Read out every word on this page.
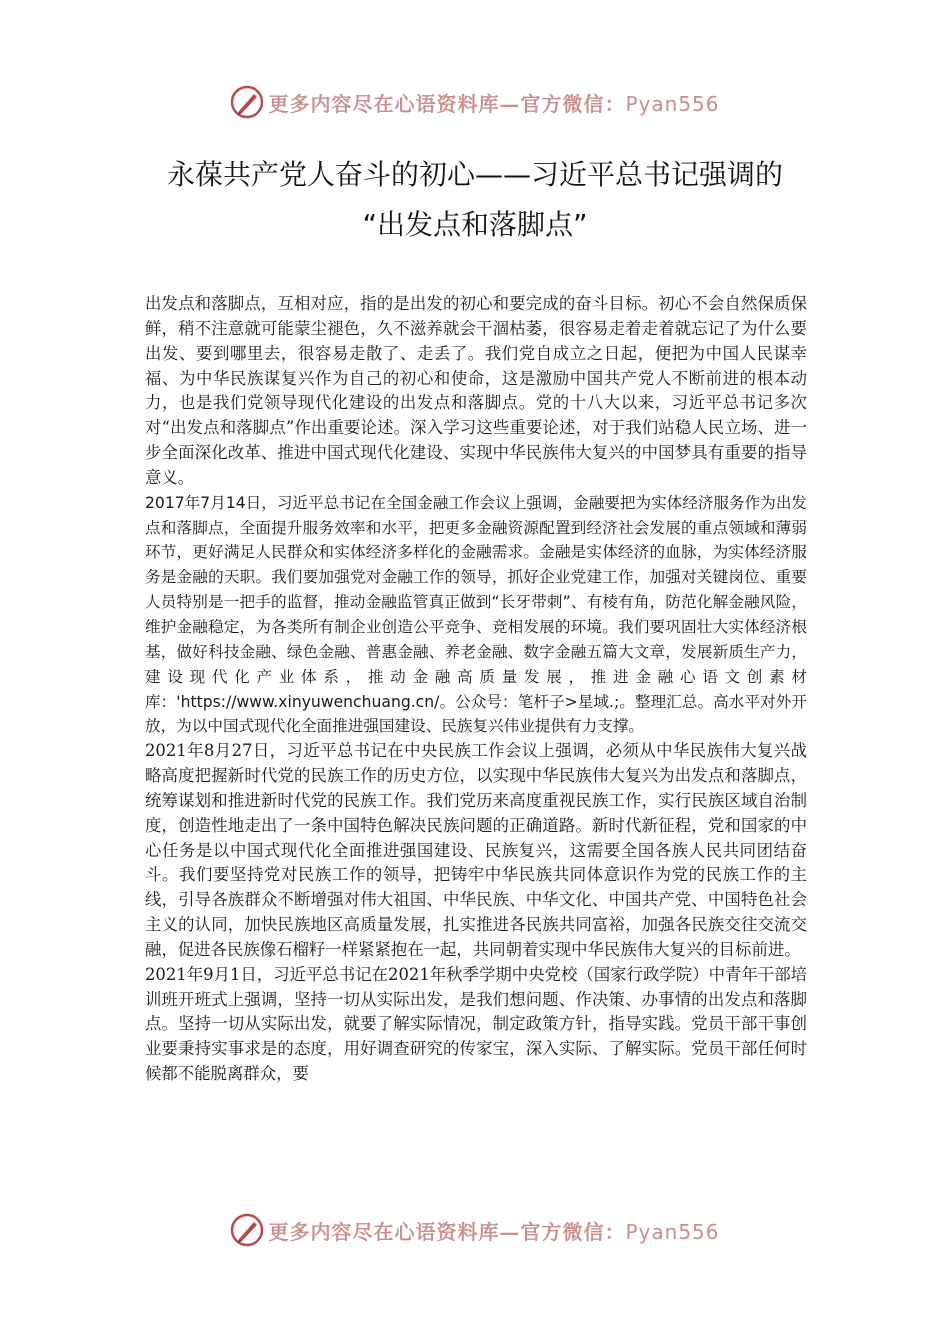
更多内容尽在心语资料库—官方微信：Pyan556
永葆共产党人奋斗的初心——习近平总书记强调的
“出发点和落脚点”

出发点和落脚点，互相对应，指的是出发的初心和要完成的奋斗目标。初心不会自然保质保鲜，稍不注意就可能蒙尘褪色，久不滋养就会干涸枯萎，很容易走着走着就忘记了为什么要出发、要到哪里去，很容易走散了、走丢了。我们党自成立之日起，便把为中国人民谋幸福、为中华民族谋复兴作为自己的初心和使命，这是激励中国共产党人不断前进的根本动力，也是我们党领导现代化建设的出发点和落脚点。党的十八大以来，习近平总书记多次对“出发点和落脚点”作出重要论述。深入学习这些重要论述，对于我们站稳人民立场、进一步全面深化改革、推进中国式现代化建设、实现中华民族伟大复兴的中国梦具有重要的指导意义。

2017年7月14日，习近平总书记在全国金融工作会议上强调，金融要把为实体经济服务作为出发点和落脚点，全面提升服务效率和水平，把更多金融资源配置到经济社会发展的重点领域和薄弱环节，更好满足人民群众和实体经济多样化的金融需求。金融是实体经济的血脉，为实体经济服务是金融的天职。我们要加强党对金融工作的领导，抓好企业党建工作，加强对关键岗位、重要人员特别是一把手的监督，推动金融监管真正做到“长牙带刺”、有棱有角，防范化解金融风险，维护金融稳定，为各类所有制企业创造公平竞争、竞相发展的环境。我们要巩固壮大实体经济根基，做好科技金融、绿色金融、普惠金融、养老金融、数字金融五篇大文章，发展新质生产力，建设现代化产业体系，推动金融高质量发展，推进金融心语文创素材库：'https://www.xinyuwenchuang.cn/。公众号：笔杆子>星域.;。整理汇总。高水平对外开放，为以中国式现代化全面推进强国建设、民族复兴伟业提供有力支撑。

2021年8月27日，习近平总书记在中央民族工作会议上强调，必须从中华民族伟大复兴战略高度把握新时代党的民族工作的历史方位，以实现中华民族伟大复兴为出发点和落脚点，统筹谋划和推进新时代党的民族工作。我们党历来高度重视民族工作，实行民族区域自治制度，创造性地走出了一条中国特色解决民族问题的正确道路。新时代新征程，党和国家的中心任务是以中国式现代化全面推进强国建设、民族复兴，这需要全国各族人民共同团结奋斗。我们要坚持党对民族工作的领导，把铸牢中华民族共同体意识作为党的民族工作的主线，引导各族群众不断增强对伟大祖国、中华民族、中华文化、中国共产党、中国特色社会主义的认同，加快民族地区高质量发展，扎实推进各民族共同富裕，加强各民族交往交流交融，促进各民族像石榴籽一样紧紧抱在一起，共同朝着实现中华民族伟大复兴的目标前进。

2021年9月1日，习近平总书记在2021年秋季学期中央党校（国家行政学院）中青年干部培训班开班式上强调，坚持一切从实际出发，是我们想问题、作决策、办事情的出发点和落脚点。坚持一切从实际出发，就要了解实际情况，制定政策方针，指导实践。党员干部干事创业要秉持实事求是的态度，用好调查研究的传家宝，深入实际、了解实际。党员干部任何时候都不能脱离群众，要

更多内容尽在心语资料库—官方微信：Pyan556
